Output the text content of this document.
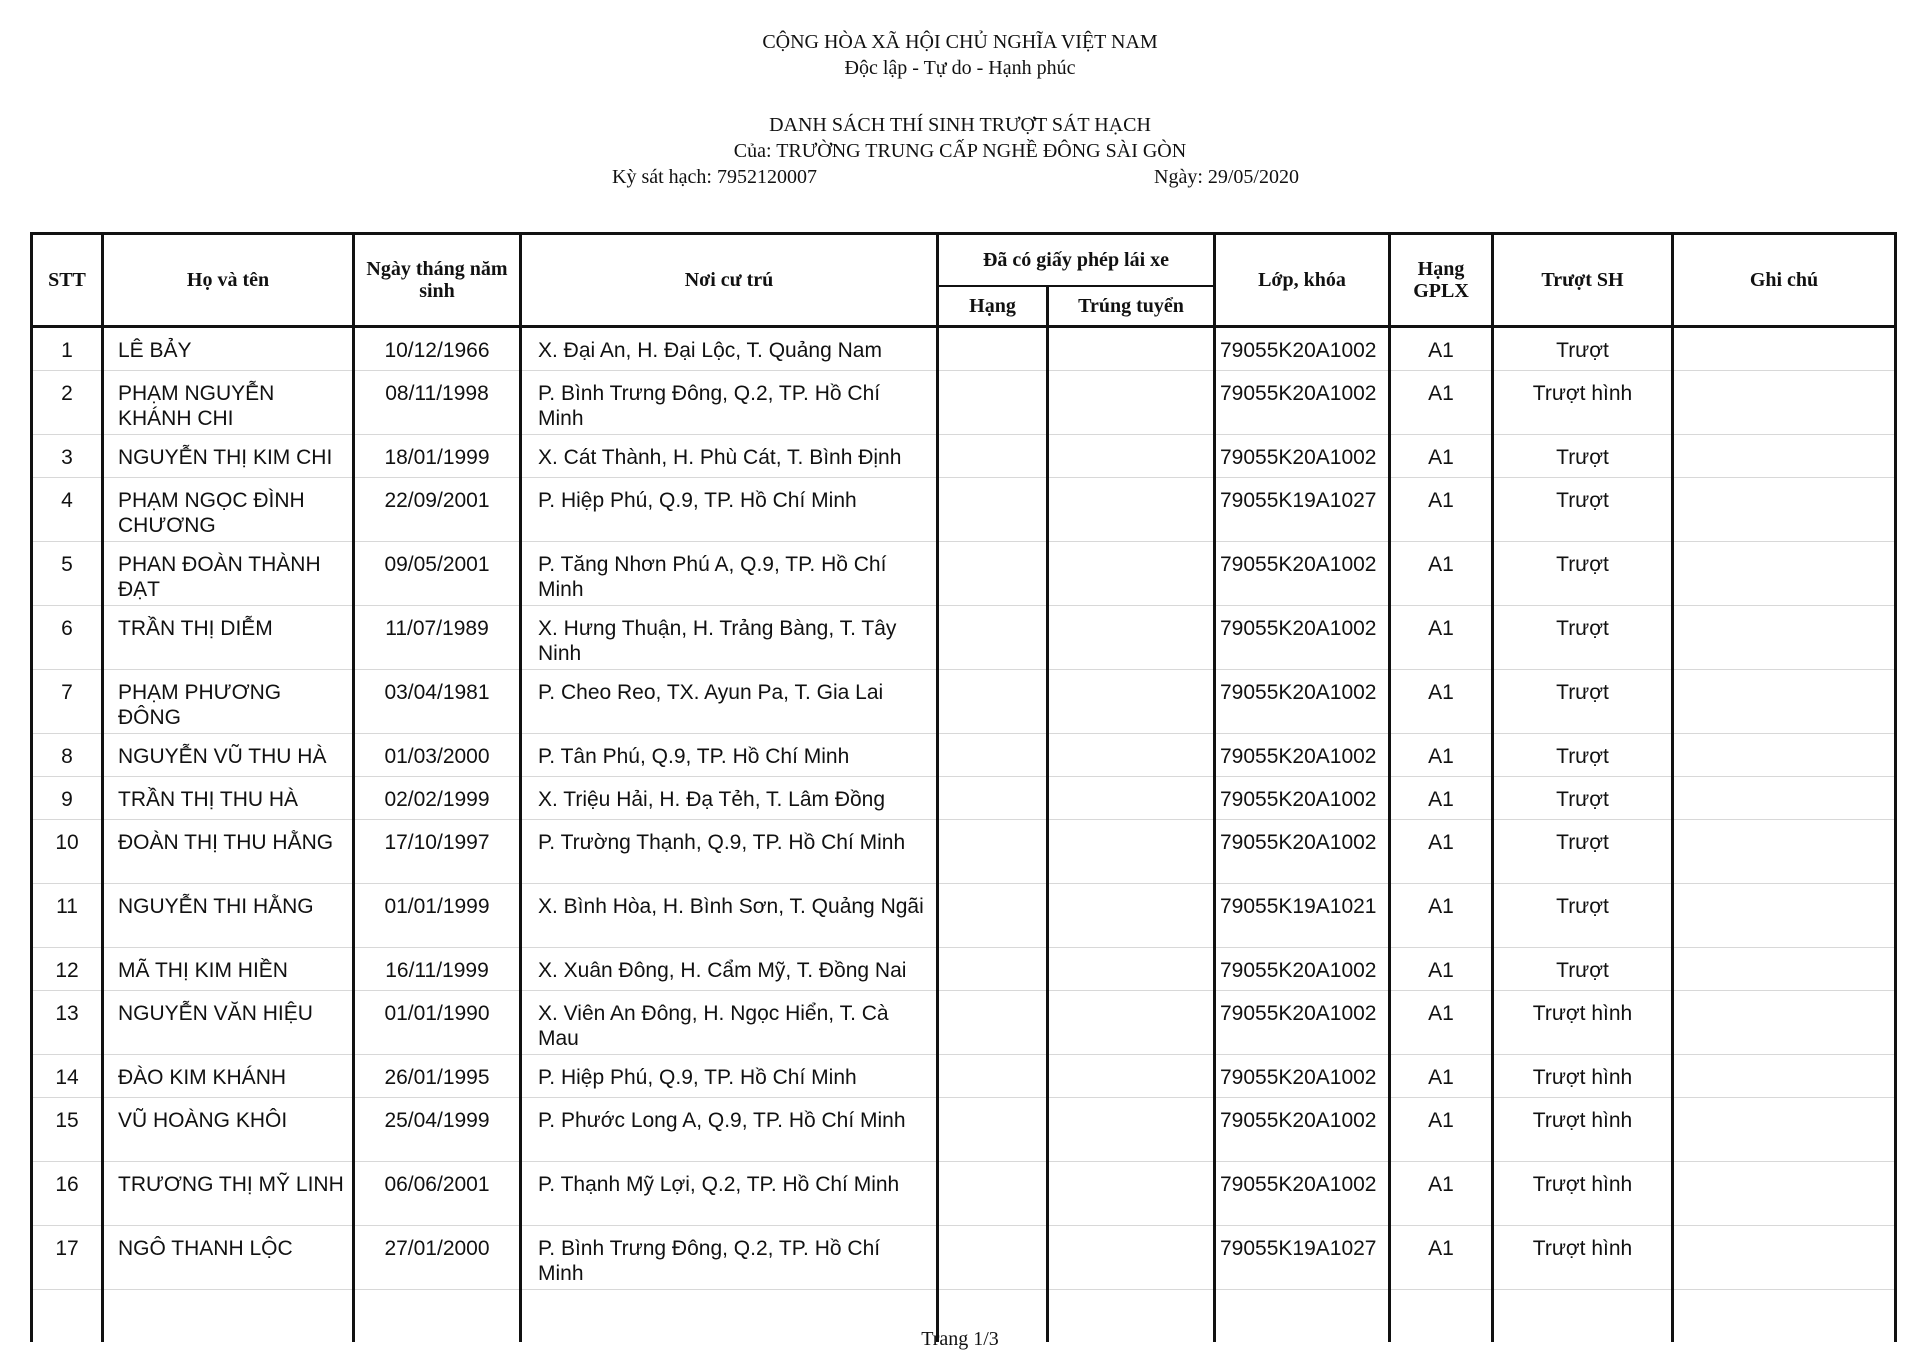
CỘNG HÒA XÃ HỘI CHỦ NGHĨA VIỆT NAM
Độc lập - Tự do - Hạnh phúc
DANH SÁCH THÍ SINH TRƯỢT SÁT HẠCH
Của: TRƯỜNG TRUNG CẤP NGHỀ ĐÔNG SÀI GÒN
Kỳ sát hạch: 7952120007	Ngày: 29/05/2020
STT	Họ và tên	Ngày tháng năm sinh	Nơi cư trú	Đã có giấy phép lái xe		Lớp, khóa	Hạng GPLX	Trượt SH	Ghi chú
				Hạng	Trúng tuyển				
1	LÊ BẢY	10/12/1966	X. Đại An, H. Đại Lộc, T. Quảng Nam			79055K20A1002	A1	Trượt	
2	PHẠM NGUYỄN KHÁNH CHI	08/11/1998	P. Bình Trưng Đông, Q.2, TP. Hồ Chí Minh			79055K20A1002	A1	Trượt hình	
3	NGUYỄN THỊ KIM CHI	18/01/1999	X. Cát Thành, H. Phù Cát, T. Bình Định			79055K20A1002	A1	Trượt	
4	PHẠM NGỌC ĐÌNH CHƯƠNG	22/09/2001	P. Hiệp Phú, Q.9, TP. Hồ Chí Minh			79055K19A1027	A1	Trượt	
5	PHAN ĐOÀN THÀNH ĐẠT	09/05/2001	P. Tăng Nhơn Phú A, Q.9, TP. Hồ Chí Minh			79055K20A1002	A1	Trượt	
6	TRẦN THỊ DIỄM	11/07/1989	X. Hưng Thuận, H. Trảng Bàng, T. Tây Ninh			79055K20A1002	A1	Trượt	
7	PHẠM PHƯƠNG ĐÔNG	03/04/1981	P. Cheo Reo, TX. Ayun Pa, T. Gia Lai			79055K20A1002	A1	Trượt	
8	NGUYỄN VŨ THU HÀ	01/03/2000	P. Tân Phú, Q.9, TP. Hồ Chí Minh			79055K20A1002	A1	Trượt	
9	TRẦN THỊ THU HÀ	02/02/1999	X. Triệu Hải, H. Đạ Tẻh, T. Lâm Đồng			79055K20A1002	A1	Trượt	
10	ĐOÀN THỊ THU HẰNG	17/10/1997	P. Trường Thạnh, Q.9, TP. Hồ Chí Minh			79055K20A1002	A1	Trượt	
11	NGUYỄN THI HẰNG	01/01/1999	X. Bình Hòa, H. Bình Sơn, T. Quảng Ngãi			79055K19A1021	A1	Trượt	
12	MÃ THỊ KIM HIỀN	16/11/1999	X. Xuân Đông, H. Cẩm Mỹ, T. Đồng Nai			79055K20A1002	A1	Trượt	
13	NGUYỄN VĂN HIỆU	01/01/1990	X. Viên An Đông, H. Ngọc Hiển, T. Cà Mau			79055K20A1002	A1	Trượt hình	
14	ĐÀO KIM KHÁNH	26/01/1995	P. Hiệp Phú, Q.9, TP. Hồ Chí Minh			79055K20A1002	A1	Trượt hình	
15	VŨ HOÀNG KHÔI	25/04/1999	P. Phước Long A, Q.9, TP. Hồ Chí Minh			79055K20A1002	A1	Trượt hình	
16	TRƯƠNG THỊ MỸ LINH	06/06/2001	P. Thạnh Mỹ Lợi, Q.2, TP. Hồ Chí Minh			79055K20A1002	A1	Trượt hình	
17	NGÔ THANH LỘC	27/01/2000	P. Bình Trưng Đông, Q.2, TP. Hồ Chí Minh			79055K19A1027	A1	Trượt hình	

Trang 1/3
